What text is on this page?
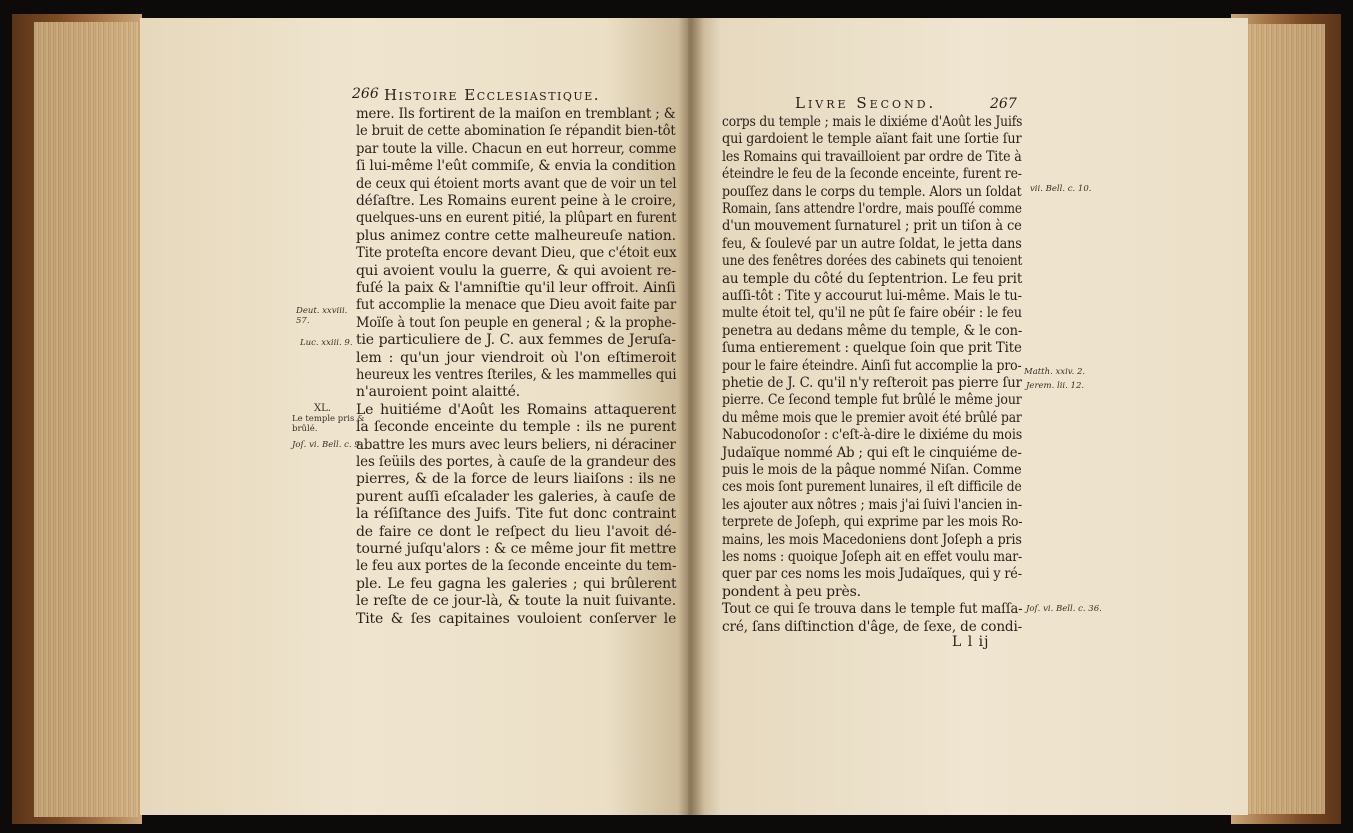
266 Histoire Ecclesiastique.
mere. Ils fortirent de la maiſon en tremblant ; &
le bruit de cette abomination ſe répandit bien-tôt
par toute la ville. Chacun en eut horreur, comme
ſi lui-même l'eût commiſe, & envia la condition
de ceux qui étoient morts avant que de voir un tel
déſaſtre. Les Romains eurent peine à le croire,
quelques-uns en eurent pitié, la plûpart en furent
plus animez contre cette malheureuſe nation.
Tite proteſta encore devant Dieu, que c'étoit eux
qui avoient voulu la guerre, & qui avoient re-
fuſé la paix & l'amniſtie qu'il leur offroit. Ainſi
fut accomplie la menace que Dieu avoit faite par
Moïſe à tout ſon peuple en general ; & la prophe-
tie particuliere de J. C. aux femmes de Jeruſa-
lem : qu'un jour viendroit où l'on eſtimeroit
heureux les ventres ſteriles, & les mammelles qui
n'auroient point alaitté.
Le huitiéme d'Août les Romains attaquerent
la ſeconde enceinte du temple : ils ne purent
abattre les murs avec leurs beliers, ni déraciner
les ſeüils des portes, à cauſe de la grandeur des
pierres, & de la force de leurs liaiſons : ils ne
purent auſſi eſcalader les galeries, à cauſe de
la réſiſtance des Juifs. Tite fut donc contraint
de faire ce dont le reſpect du lieu l'avoit dé-
tourné juſqu'alors : & ce même jour fit mettre
le feu aux portes de la ſeconde enceinte du tem-
ple. Le feu gagna les galeries ; qui brûlerent
le reſte de ce jour-là, & toute la nuit ſuivante.
Tite & ſes capitaines vouloient conſerver le
Deut. xxviii.
57.
Luc. xxiii. 9.
XL.
Le temple pris &
brûlé.
Joſ. vi. Bell. c. 9.
Livre Second.	267
corps du temple ; mais le dixiéme d'Août les Juifs
qui gardoient le temple aïant fait une ſortie ſur
les Romains qui travailloient par ordre de Tite à
éteindre le feu de la ſeconde enceinte, furent re-
pouſſez dans le corps du temple. Alors un ſoldat
Romain, ſans attendre l'ordre, mais pouſſé comme
d'un mouvement ſurnaturel ; prit un tiſon à ce
feu, & ſoulevé par un autre ſoldat, le jetta dans
une des fenêtres dorées des cabinets qui tenoient
au temple du côté du ſeptentrion. Le feu prit
auſſi-tôt : Tite y accourut lui-même. Mais le tu-
multe étoit tel, qu'il ne pût ſe faire obéir : le feu
penetra au dedans même du temple, & le con-
ſuma entierement : quelque ſoin que prit Tite
pour le faire éteindre. Ainſi fut accomplie la pro-
phetie de J. C. qu'il n'y reſteroit pas pierre ſur
pierre. Ce ſecond temple fut brûlé le même jour
du même mois que le premier avoit été brûlé par
Nabucodonoſor : c'eſt-à-dire le dixiéme du mois
Judaïque nommé Ab ; qui eſt le cinquiéme de-
puis le mois de la pâque nommé Niſan. Comme
ces mois ſont purement lunaires, il eſt difficile de
les ajouter aux nôtres ; mais j'ai ſuivi l'ancien in-
terprete de Joſeph, qui exprime par les mois Ro-
mains, les mois Macedoniens dont Joſeph a pris
les noms : quoique Joſeph ait en effet voulu mar-
quer par ces noms les mois Judaïques, qui y ré-
pondent à peu près.
Tout ce qui ſe trouva dans le temple fut maſſa-
cré, ſans diſtinction d'âge, de ſexe, de condi-
vii. Bell. c. 10.
Matth. xxiv. 2.
Jerem. lii. 12.
Joſ. vi. Bell. c. 36.
L l ij
